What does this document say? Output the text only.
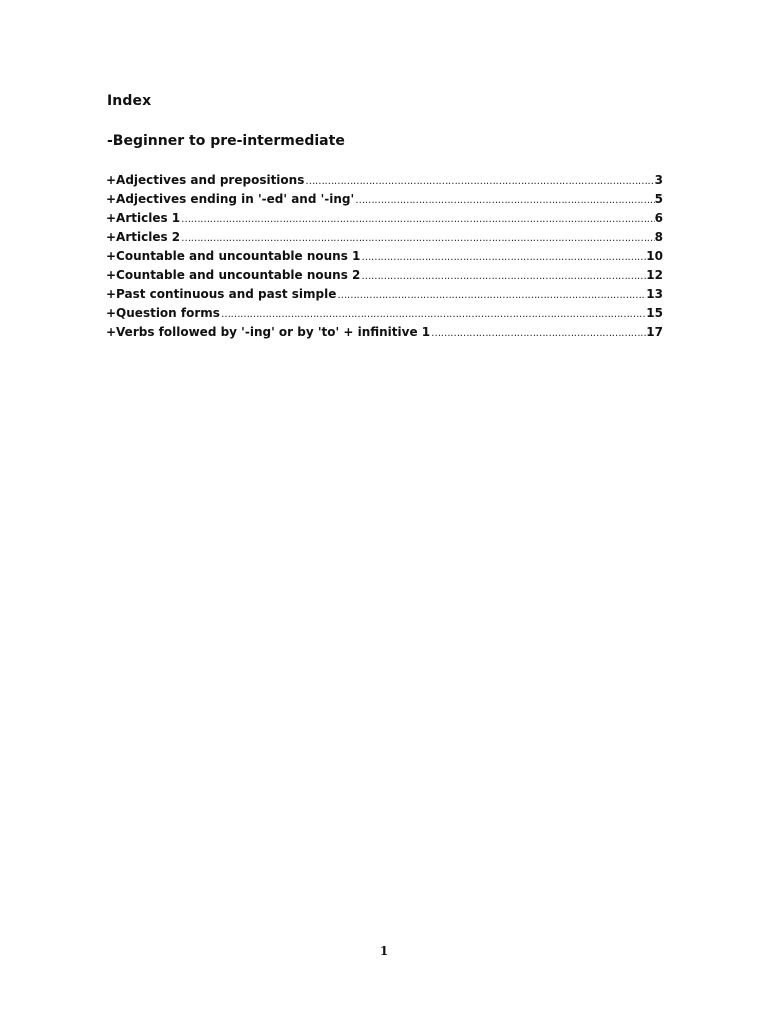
Index
-Beginner to pre-intermediate
+Adjectives and prepositions ……………………………………………………………………………………………………………………………………………………………………………………………………………………………………	3
+Adjectives ending in '-ed' and '-ing' ……………………………………………………………………………………………………………………………………………………………………………………………………………………………………	5
+Articles 1 ……………………………………………………………………………………………………………………………………………………………………………………………………………………………………	6
+Articles 2 ……………………………………………………………………………………………………………………………………………………………………………………………………………………………………	8
+Countable and uncountable nouns 1 ……………………………………………………………………………………………………………………………………………………………………………………………………………………………………	10
+Countable and uncountable nouns 2 ……………………………………………………………………………………………………………………………………………………………………………………………………………………………………	12
+Past continuous and past simple ……………………………………………………………………………………………………………………………………………………………………………………………………………………………………	13
+Question forms ……………………………………………………………………………………………………………………………………………………………………………………………………………………………………	15
+Verbs followed by '-ing' or by 'to' + infinitive 1 ……………………………………………………………………………………………………………………………………………………………………………………………………………………………………	17
1
